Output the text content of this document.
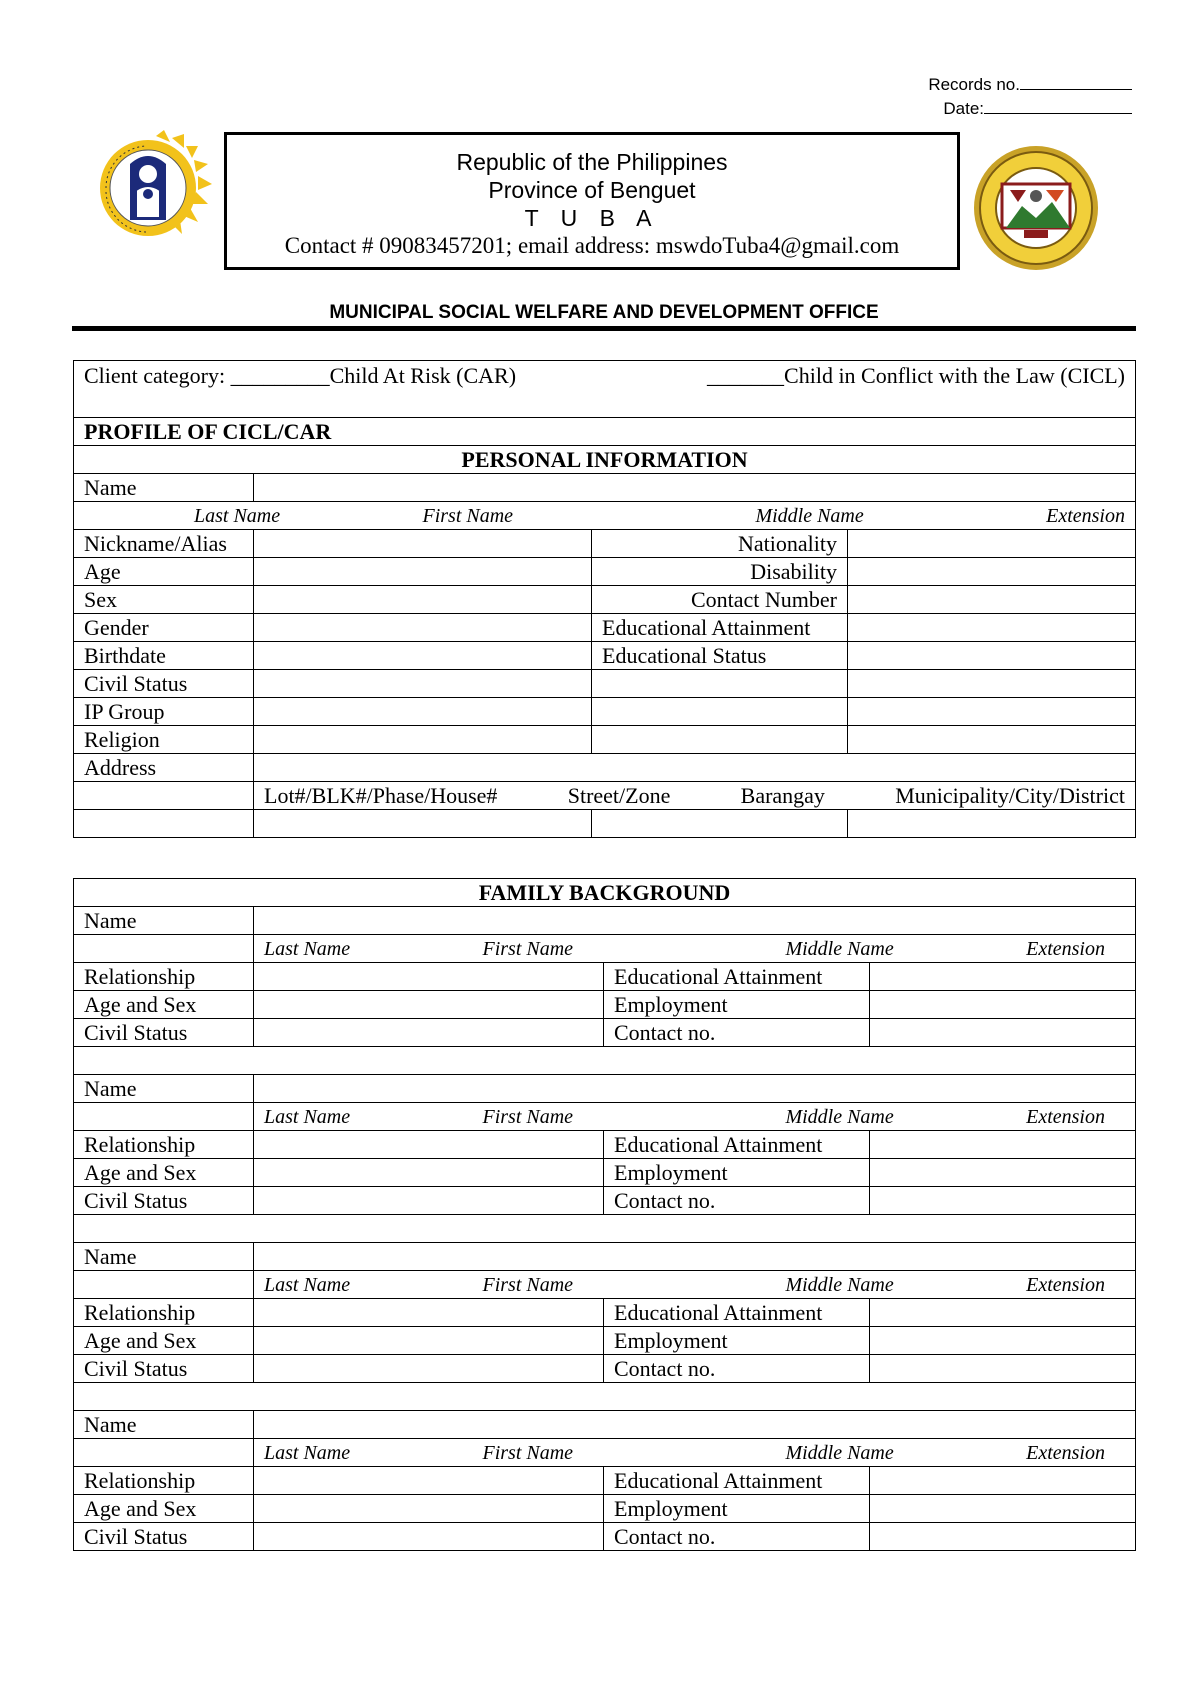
Records no.
Date:
Republic of the Philippines
Province of Benguet
T U B A
Contact # 09083457201; email address: mswdoTuba4@gmail.com
MUNICIPAL SOCIAL WELFARE AND DEVELOPMENT OFFICE
Client category: _________Child At Risk (CAR) _______Child in Conflict with the Law (CICL)			

PROFILE OF CICL/CAR			
PERSONAL INFORMATION			
Name			

Last Name First Name Middle Name Extension			

Nickname/Alias		Nationality	
Age		Disability	
Sex		Contact Number	
Gender		Educational Attainment	
Birthdate		Educational Status	
Civil Status			
IP Group			
Religion			
Address			

	Lot#/BLK#/Phase/House# Street/Zone Barangay Municipality/City/District		

FAMILY BACKGROUND			
Name			

	Last Name First Name Middle Name Extension		

Relationship		Educational Attainment	
Age and Sex		Employment	
Civil Status		Contact no.	

Name			

	Last Name First Name Middle Name Extension		

Relationship		Educational Attainment	
Age and Sex		Employment	
Civil Status		Contact no.	

Name			

	Last Name First Name Middle Name Extension		

Relationship		Educational Attainment	
Age and Sex		Employment	
Civil Status		Contact no.	

Name			

	Last Name First Name Middle Name Extension		

Relationship		Educational Attainment	
Age and Sex		Employment	
Civil Status		Contact no.	
